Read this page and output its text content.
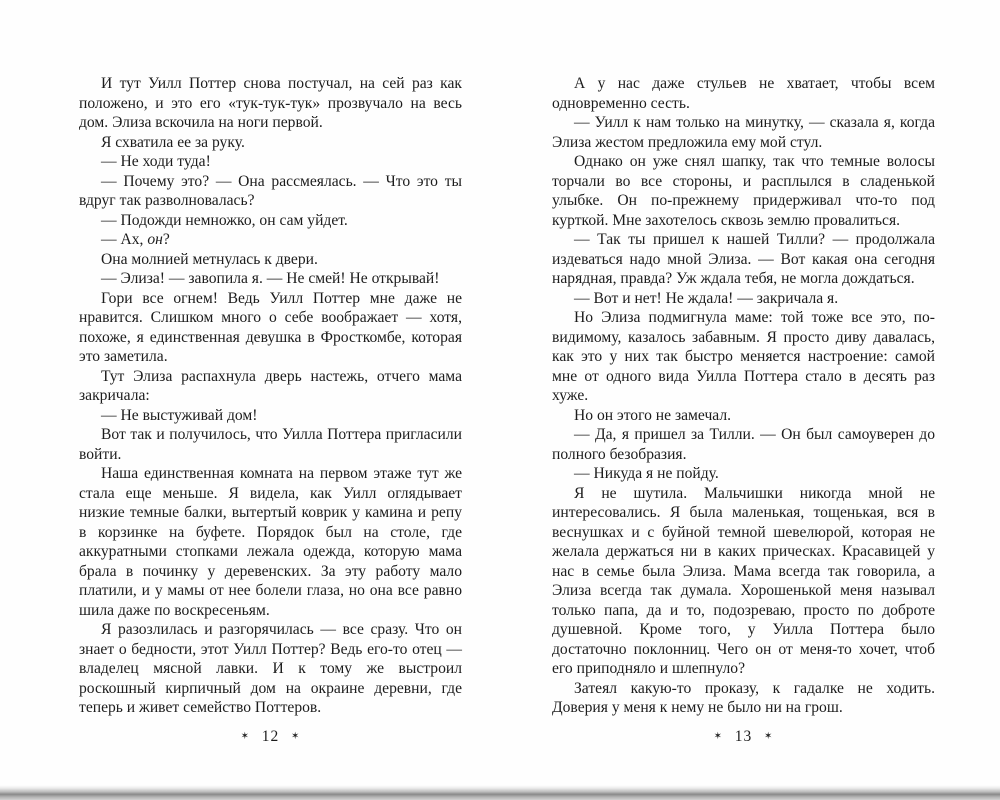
И тут Уилл Поттер снова постучал, на сей раз как положено, и это его «тук-тук-тук» прозвучало на весь дом. Элиза вскочила на ноги первой.

Я схватила ее за руку.

— Не ходи туда!

— Почему это? — Она рассмеялась. — Что это ты вдруг так разволновалась?

— Подожди немножко, он сам уйдет.

— Ах, он?

Она молнией метнулась к двери.

— Элиза! — завопила я. — Не смей! Не открывай!

Гори все огнем! Ведь Уилл Поттер мне даже не нравится. Слишком много о себе воображает — хотя, похоже, я единственная девушка в Фросткомбе, которая это заметила.

Тут Элиза распахнула дверь настежь, отчего мама закричала:

— Не выстуживай дом!

Вот так и получилось, что Уилла Поттера пригласили войти.

Наша единственная комната на первом этаже тут же стала еще меньше. Я видела, как Уилл оглядывает низкие темные балки, вытертый коврик у камина и репу в корзинке на буфете. Порядок был на столе, где аккуратными стопками лежала одежда, которую мама брала в починку у деревенских. За эту работу мало платили, и у мамы от нее болели глаза, но она все равно шила даже по воскресеньям.

Я разозлилась и разгорячилась — все сразу. Что он знает о бедности, этот Уилл Поттер? Ведь его-то отец — владелец мясной лавки. И к тому же выстроил роскошный кирпичный дом на окраине деревни, где теперь и живет семейство Поттеров.

✶ 12 ✶

А у нас даже стульев не хватает, чтобы всем одновременно сесть.

— Уилл к нам только на минутку, — сказала я, когда Элиза жестом предложила ему мой стул.

Однако он уже снял шапку, так что темные волосы торчали во все стороны, и расплылся в сладенькой улыбке. Он по-прежнему придерживал что-то под курткой. Мне захотелось сквозь землю провалиться.

— Так ты пришел к нашей Тилли? — продолжала издеваться надо мной Элиза. — Вот какая она сегодня нарядная, правда? Уж ждала тебя, не могла дождаться.

— Вот и нет! Не ждала! — закричала я.

Но Элиза подмигнула маме: той тоже все это, по-видимому, казалось забавным. Я просто диву давалась, как это у них так быстро меняется настроение: самой мне от одного вида Уилла Поттера стало в десять раз хуже.

Но он этого не замечал.

— Да, я пришел за Тилли. — Он был самоуверен до полного безобразия.

— Никуда я не пойду.

Я не шутила. Мальчишки никогда мной не интересовались. Я была маленькая, тощенькая, вся в веснушках и с буйной темной шевелюрой, которая не желала держаться ни в каких прическах. Красавицей у нас в семье была Элиза. Мама всегда так говорила, а Элиза всегда так думала. Хорошенькой меня называл только папа, да и то, подозреваю, просто по доброте душевной. Кроме того, у Уилла Поттера было достаточно поклонниц. Чего он от меня-то хочет, чтоб его приподняло и шлепнуло?

Затеял какую-то проказу, к гадалке не ходить. Доверия у меня к нему не было ни на грош.

✶ 13 ✶
